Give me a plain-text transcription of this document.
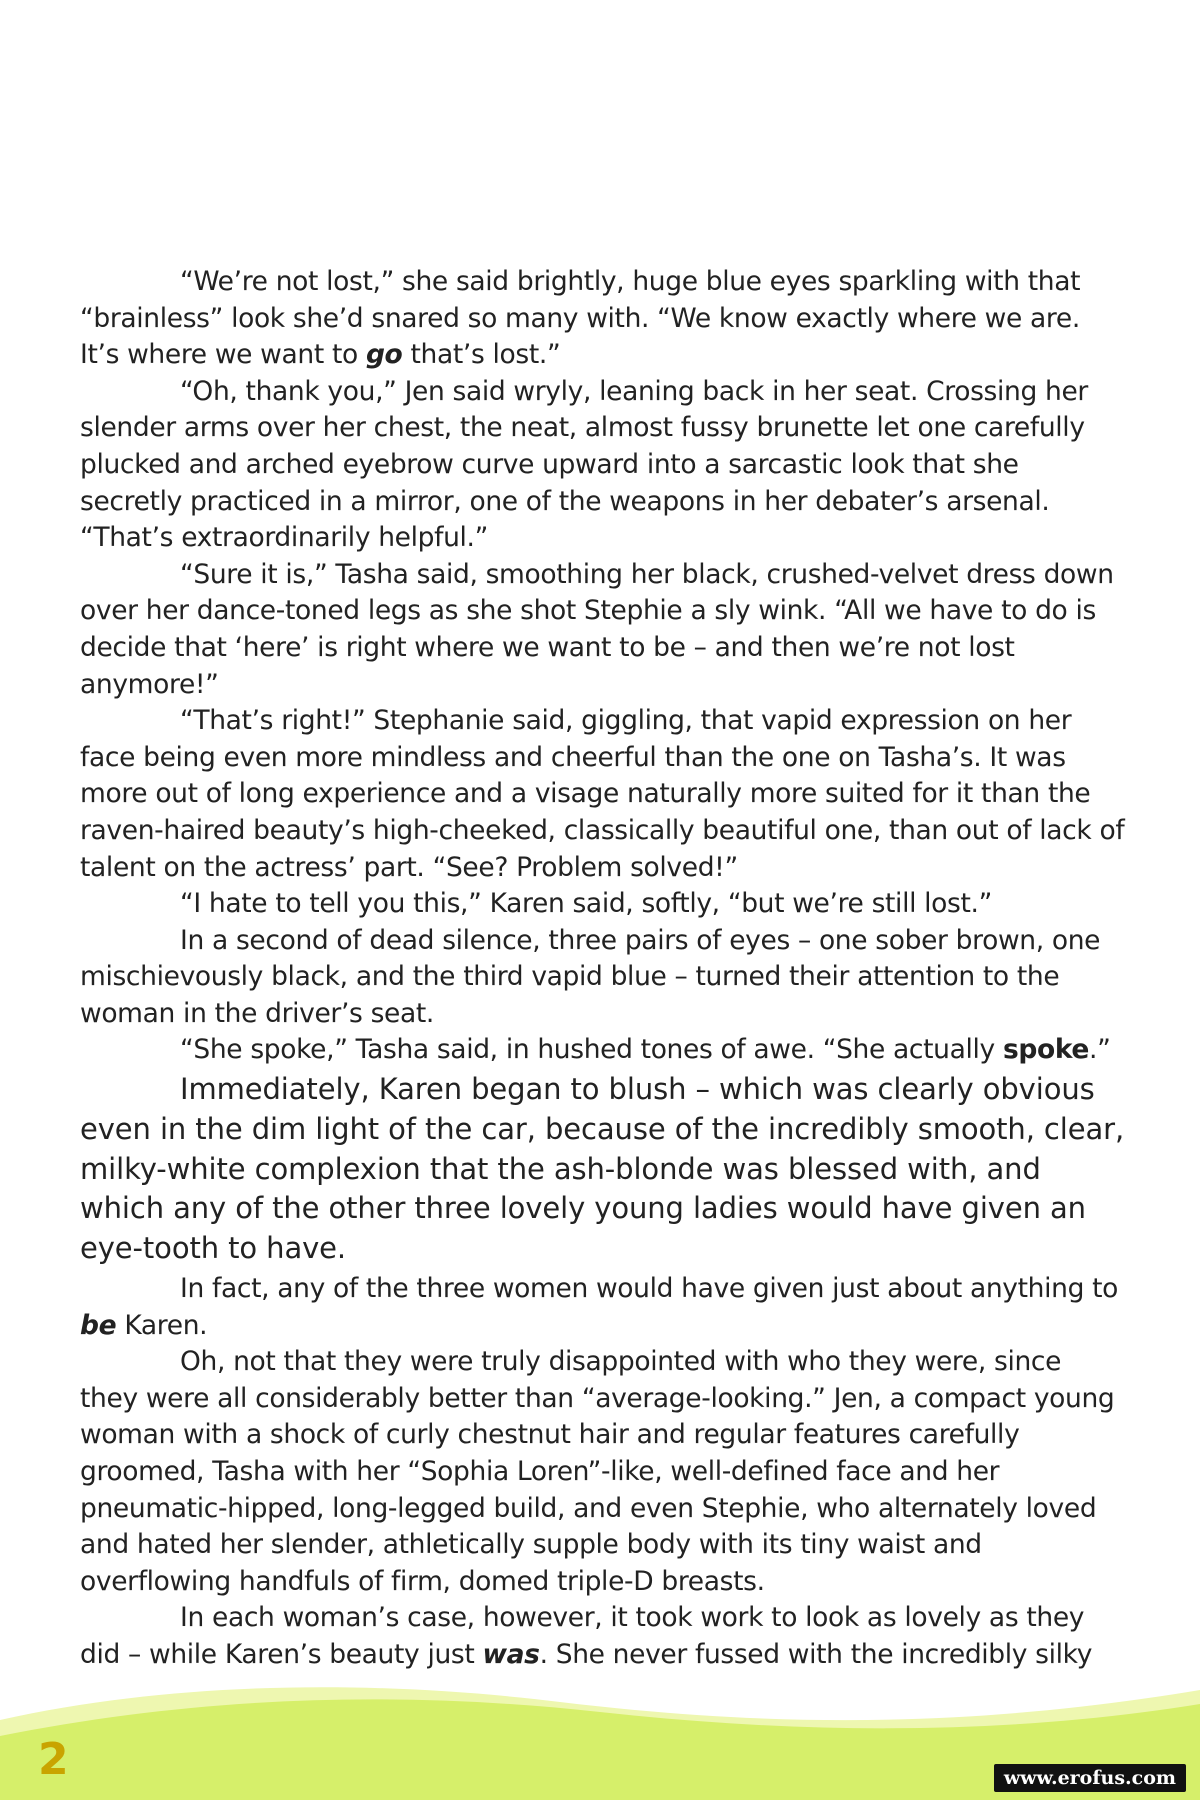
“We’re not lost,” she said brightly, huge blue eyes sparkling with that “brainless” look she’d snared so many with. “We know exactly where we are. It’s where we want to go that’s lost.”

“Oh, thank you,” Jen said wryly, leaning back in her seat. Crossing her slender arms over her chest, the neat, almost fussy brunette let one carefully plucked and arched eyebrow curve upward into a sarcastic look that she secretly practiced in a mirror, one of the weapons in her debater’s arsenal. “That’s extraordinarily helpful.”

“Sure it is,” Tasha said, smoothing her black, crushed-velvet dress down over her dance-toned legs as she shot Stephie a sly wink. “All we have to do is decide that ‘here’ is right where we want to be – and then we’re not lost anymore!”

“That’s right!” Stephanie said, giggling, that vapid expression on her face being even more mindless and cheerful than the one on Tasha’s. It was more out of long experience and a visage naturally more suited for it than the raven-haired beauty’s high-cheeked, classically beautiful one, than out of lack of talent on the actress’ part. “See? Problem solved!”

“I hate to tell you this,” Karen said, softly, “but we’re still lost.”

In a second of dead silence, three pairs of eyes – one sober brown, one mischievously black, and the third vapid blue – turned their attention to the woman in the driver’s seat.

“She spoke,” Tasha said, in hushed tones of awe. “She actually spoke.”

Immediately, Karen began to blush – which was clearly obvious even in the dim light of the car, because of the incredibly smooth, clear, milky-white complexion that the ash-blonde was blessed with, and which any of the other three lovely young ladies would have given an eye-tooth to have.

In fact, any of the three women would have given just about anything to be Karen.

Oh, not that they were truly disappointed with who they were, since they were all considerably better than “average-looking.” Jen, a compact young woman with a shock of curly chestnut hair and regular features carefully groomed, Tasha with her “Sophia Loren”-like, well-defined face and her pneumatic-hipped, long-legged build, and even Stephie, who alternately loved and hated her slender, athletically supple body with its tiny waist and overflowing handfuls of firm, domed triple-D breasts.

In each woman’s case, however, it took work to look as lovely as they did – while Karen’s beauty just was. She never fussed with the incredibly silky

2	www.erofus.com
